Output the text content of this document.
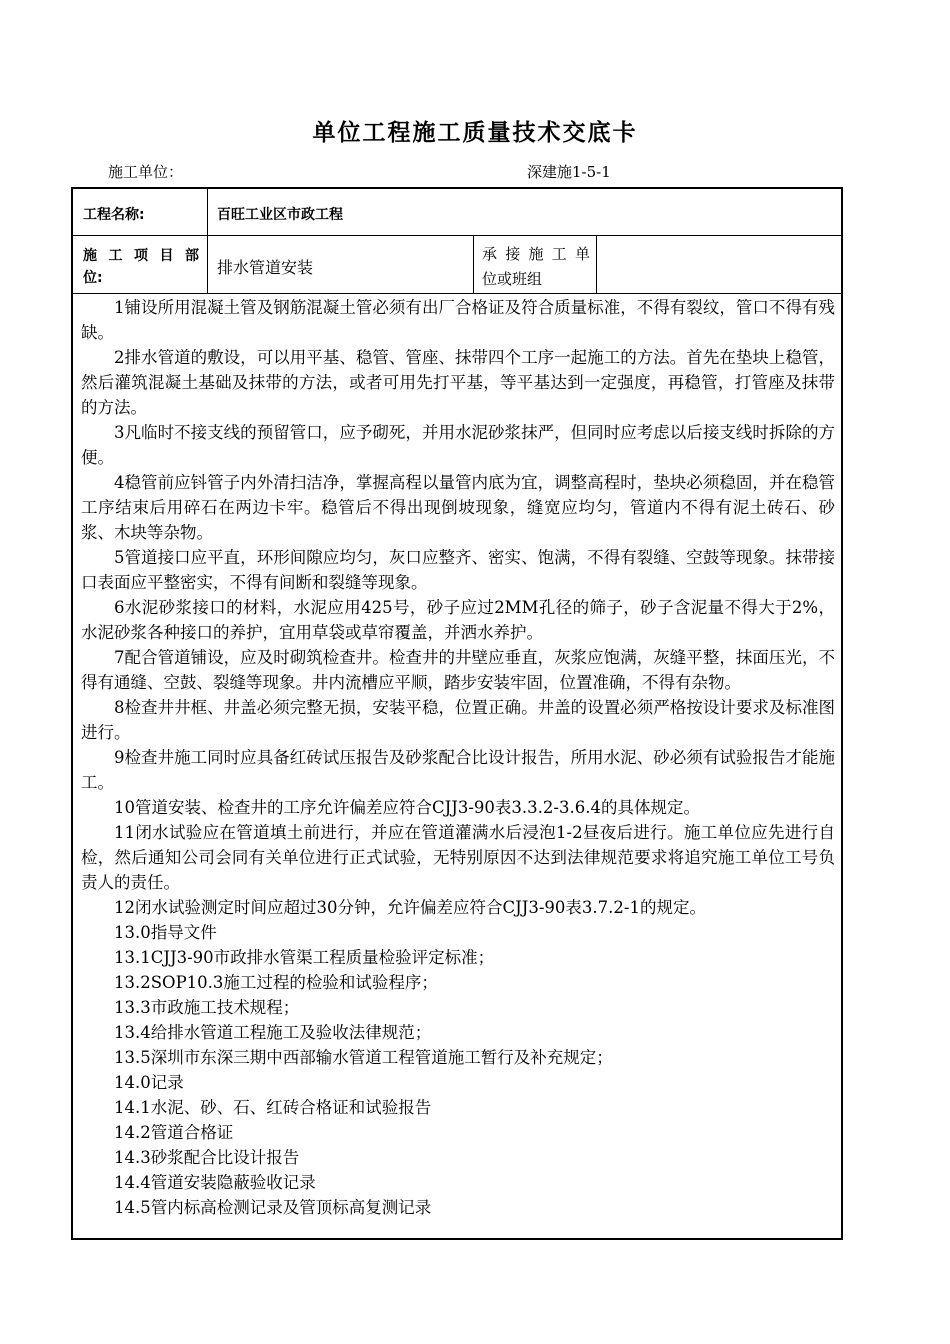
单位工程施工质量技术交底卡
施工单位：	深建施1-5-1
工程名称:	百旺工业区市政工程
施 工 项 目 部
位:
排水管道安装
承接施工单
位或班组

1铺设所用混凝土管及钢筋混凝土管必须有出厂合格证及符合质量标准，不得有裂纹，管口不得有残缺。

2排水管道的敷设，可以用平基、稳管、管座、抹带四个工序一起施工的方法。首先在垫块上稳管，然后灌筑混凝土基础及抹带的方法，或者可用先打平基，等平基达到一定强度，再稳管，打管座及抹带的方法。

3凡临时不接支线的预留管口，应予砌死，并用水泥砂浆抹严，但同时应考虑以后接支线时拆除的方便。

4稳管前应钭管子内外清扫洁净，掌握高程以量管内底为宜，调整高程时，垫块必须稳固，并在稳管工序结束后用碎石在两边卡牢。稳管后不得出现倒坡现象，缝宽应均匀，管道内不得有泥土砖石、砂浆、木块等杂物。

5管道接口应平直，环形间隙应均匀，灰口应整齐、密实、饱满，不得有裂缝、空鼓等现象。抹带接口表面应平整密实，不得有间断和裂缝等现象。

6水泥砂浆接口的材料，水泥应用425号，砂子应过2MM孔径的筛子，砂子含泥量不得大于2%，水泥砂浆各种接口的养护，宜用草袋或草帘覆盖，并洒水养护。

7配合管道铺设，应及时砌筑检查井。检查井的井壁应垂直，灰浆应饱满，灰缝平整，抹面压光，不得有通缝、空鼓、裂缝等现象。井内流槽应平顺，踏步安装牢固，位置准确，不得有杂物。

8检查井井框、井盖必须完整无损，安装平稳，位置正确。井盖的设置必须严格按设计要求及标准图进行。

9检查井施工同时应具备红砖试压报告及砂浆配合比设计报告，所用水泥、砂必须有试验报告才能施工。

10管道安装、检查井的工序允许偏差应符合CJJ3-90表3.3.2-3.6.4的具体规定。

11闭水试验应在管道填土前进行，并应在管道灌满水后浸泡1-2昼夜后进行。施工单位应先进行自检，然后通知公司会同有关单位进行正式试验，无特别原因不达到法律规范要求将追究施工单位工号负责人的责任。

12闭水试验测定时间应超过30分钟，允许偏差应符合CJJ3-90表3.7.2-1的规定。

13.0指导文件

13.1CJJ3-90市政排水管渠工程质量检验评定标准；

13.2SOP10.3施工过程的检验和试验程序；

13.3市政施工技术规程；

13.4给排水管道工程施工及验收法律规范；

13.5深圳市东深三期中西部输水管道工程管道施工暂行及补充规定；

14.0记录

14.1水泥、砂、石、红砖合格证和试验报告

14.2管道合格证

14.3砂浆配合比设计报告

14.4管道安装隐蔽验收记录

14.5管内标高检测记录及管顶标高复测记录
